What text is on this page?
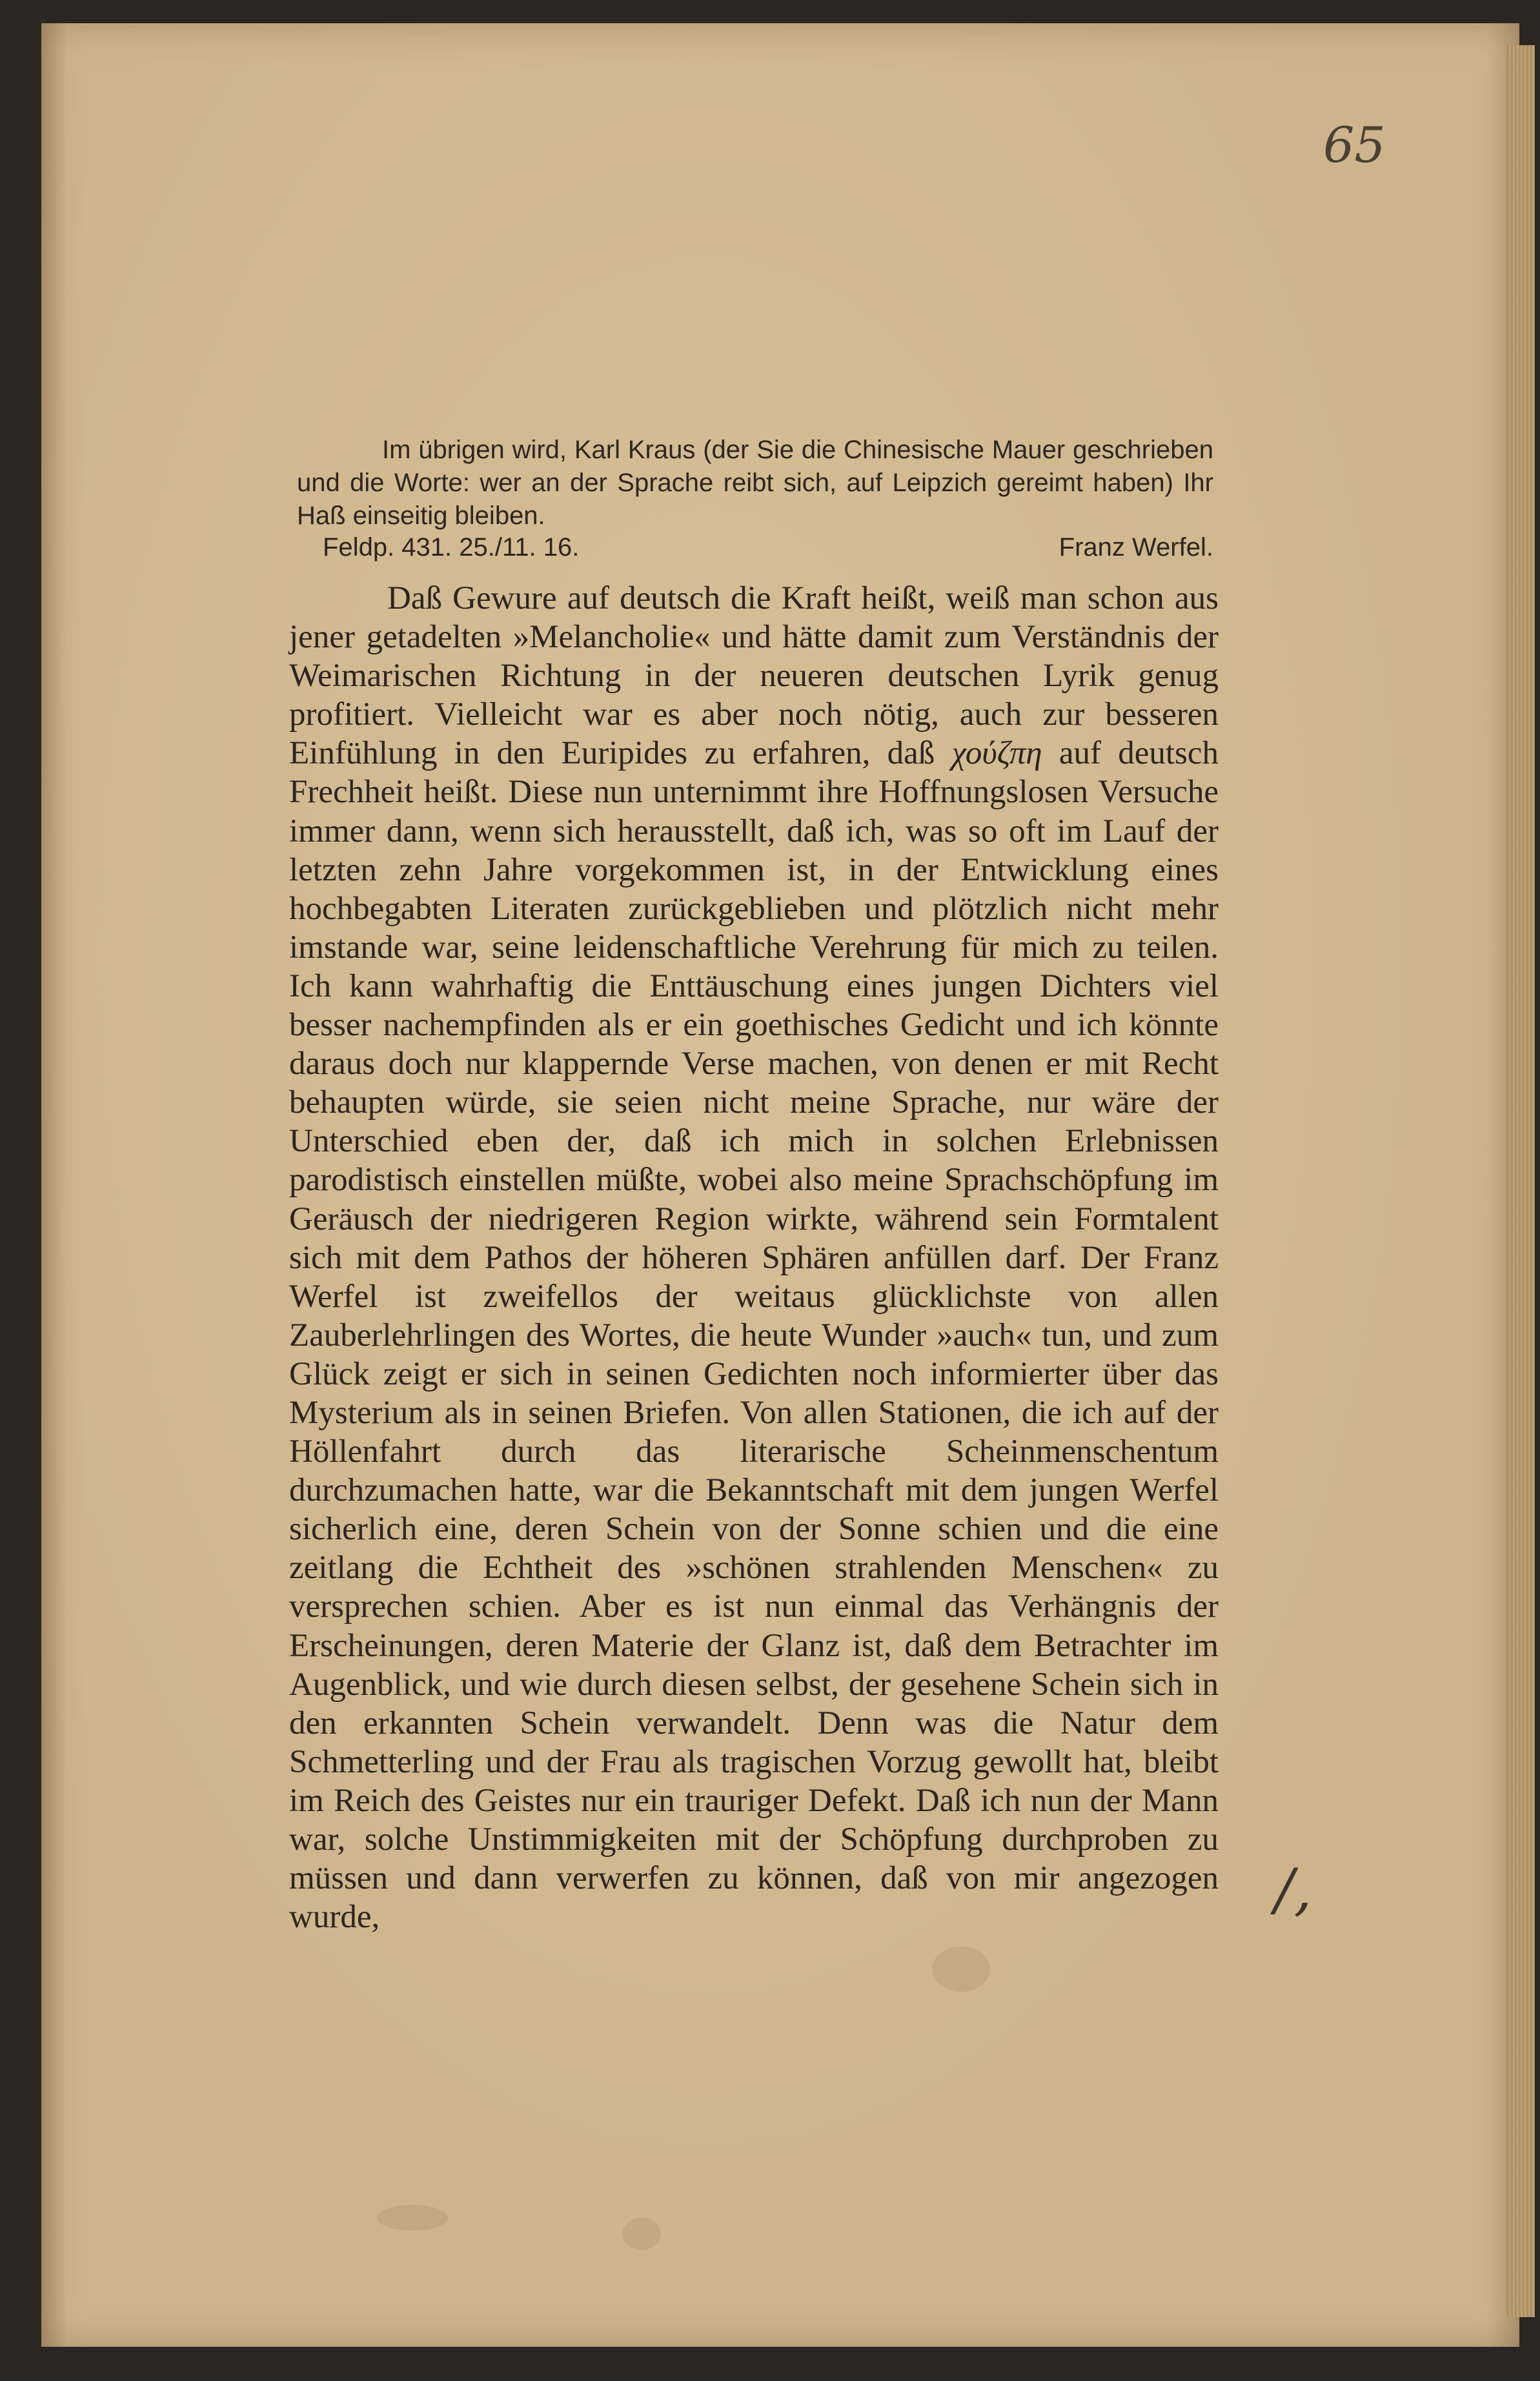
65
Im übrigen wird, Karl Kraus (der Sie die Chinesische Mauer geschrieben und die Worte: wer an der Sprache reibt sich, auf Leipzich gereimt haben) Ihr Haß einseitig bleiben.
Feldp. 431. 25./11. 16.	Franz Werfel.

Daß Gewure auf deutsch die Kraft heißt, weiß man schon aus jener getadelten »Melancholie« und hätte damit zum Verständnis der Weimarischen Richtung in der neueren deutschen Lyrik genug profitiert. Vielleicht war es aber noch nötig, auch zur besseren Einfühlung in den Euripides zu erfahren, daß χούζπη auf deutsch Frechheit heißt. Diese nun unternimmt ihre Hoffnungslosen Versuche immer dann, wenn sich herausstellt, daß ich, was so oft im Lauf der letzten zehn Jahre vorgekommen ist, in der Entwicklung eines hochbegabten Literaten zurückgeblieben und plötzlich nicht mehr imstande war, seine leidenschaftliche Verehrung für mich zu teilen. Ich kann wahrhaftig die Enttäuschung eines jungen Dichters viel besser nachempfinden als er ein goethisches Gedicht und ich könnte daraus doch nur klappernde Verse machen, von denen er mit Recht behaupten würde, sie seien nicht meine Sprache, nur wäre der Unterschied eben der, daß ich mich in solchen Erlebnissen parodistisch einstellen müßte, wobei also meine Sprachschöpfung im Geräusch der niedrigeren Region wirkte, während sein Formtalent sich mit dem Pathos der höheren Sphären anfüllen darf. Der Franz Werfel ist zweifellos der weitaus glücklichste von allen Zauberlehrlingen des Wortes, die heute Wunder »auch« tun, und zum Glück zeigt er sich in seinen Gedichten noch informierter über das Mysterium als in seinen Briefen. Von allen Stationen, die ich auf der Höllenfahrt durch das literarische Scheinmenschentum durchzumachen hatte, war die Bekanntschaft mit dem jungen Werfel sicherlich eine, deren Schein von der Sonne schien und die eine zeitlang die Echtheit des »schönen strahlenden Menschen« zu versprechen schien. Aber es ist nun einmal das Verhängnis der Erscheinungen, deren Materie der Glanz ist, daß dem Betrachter im Augenblick, und wie durch diesen selbst, der gesehene Schein sich in den erkannten Schein verwandelt. Denn was die Natur dem Schmetterling und der Frau als tragischen Vorzug gewollt hat, bleibt im Reich des Geistes nur ein trauriger Defekt. Daß ich nun der Mann war, solche Unstimmigkeiten mit der Schöpfung durchproben zu müssen und dann verwerfen zu können, daß von mir angezogen wurde,	/,
